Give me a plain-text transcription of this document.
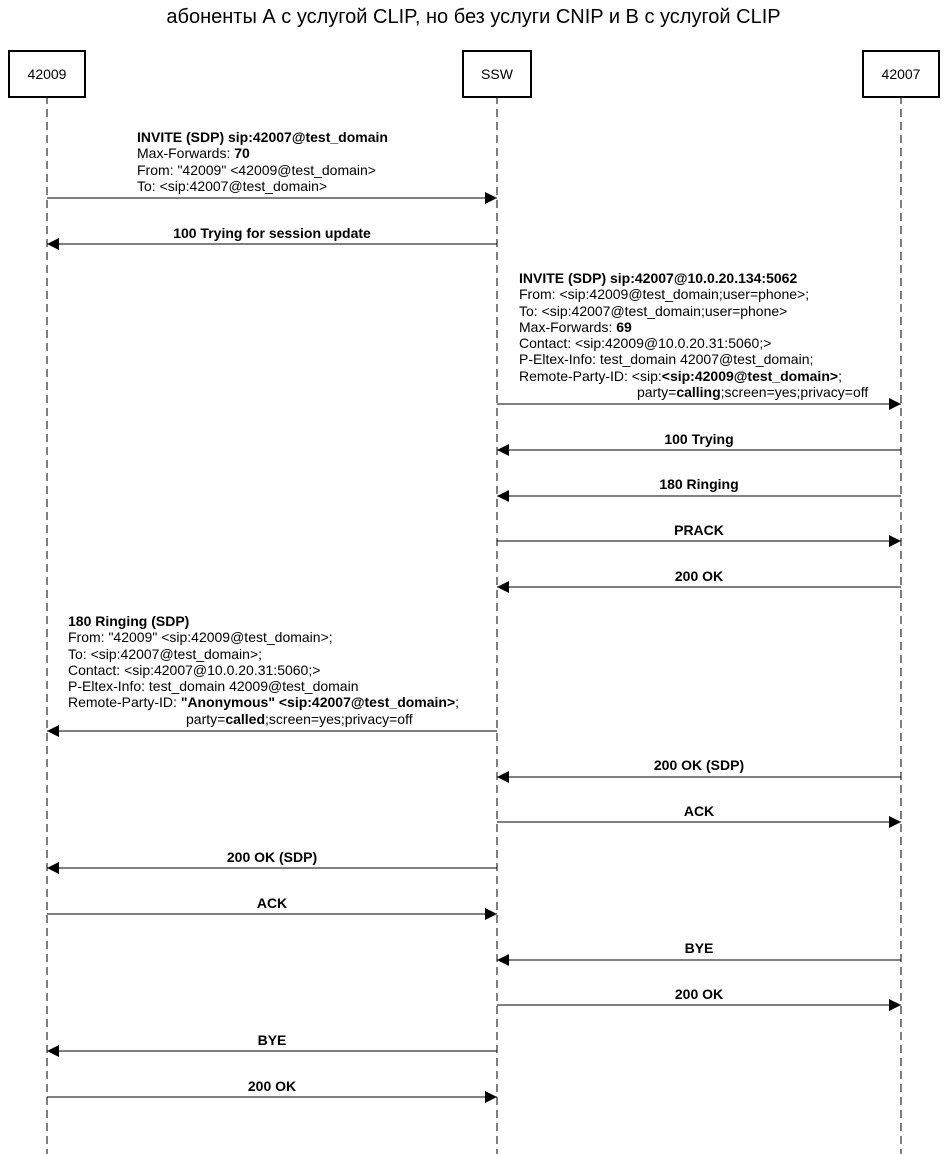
абоненты А с услугой CLIP, но без услуги CNIP и B с услугой CLIP
42009	SSW	42007
INVITE (SDP) sip:42007@test_domain
Max-Forwards: 70
From: "42009" <42009@test_domain>
To: <sip:42007@test_domain>
INVITE (SDP) sip:42007@10.0.20.134:5062
From: <sip:42009@test_domain;user=phone>;
To: <sip:42007@test_domain;user=phone>
Max-Forwards: 69
Contact: <sip:42009@10.0.20.31:5060;>
P-Eltex-Info: test_domain 42007@test_domain;
Remote-Party-ID: <sip:<sip:42009@test_domain>;
party=calling;screen=yes;privacy=off
180 Ringing (SDP)
From: "42009" <sip:42009@test_domain>;
To: <sip:42007@test_domain>;
Contact: <sip:42007@10.0.20.31:5060;>
P-Eltex-Info: test_domain 42009@test_domain
Remote-Party-ID: "Anonymous" <sip:42007@test_domain>;
party=called;screen=yes;privacy=off
100 Trying for session update
100 Trying
180 Ringing
PRACK
200 OK
200 OK (SDP)
ACK
200 OK (SDP)
ACK
BYE
200 OK
BYE
200 OK
